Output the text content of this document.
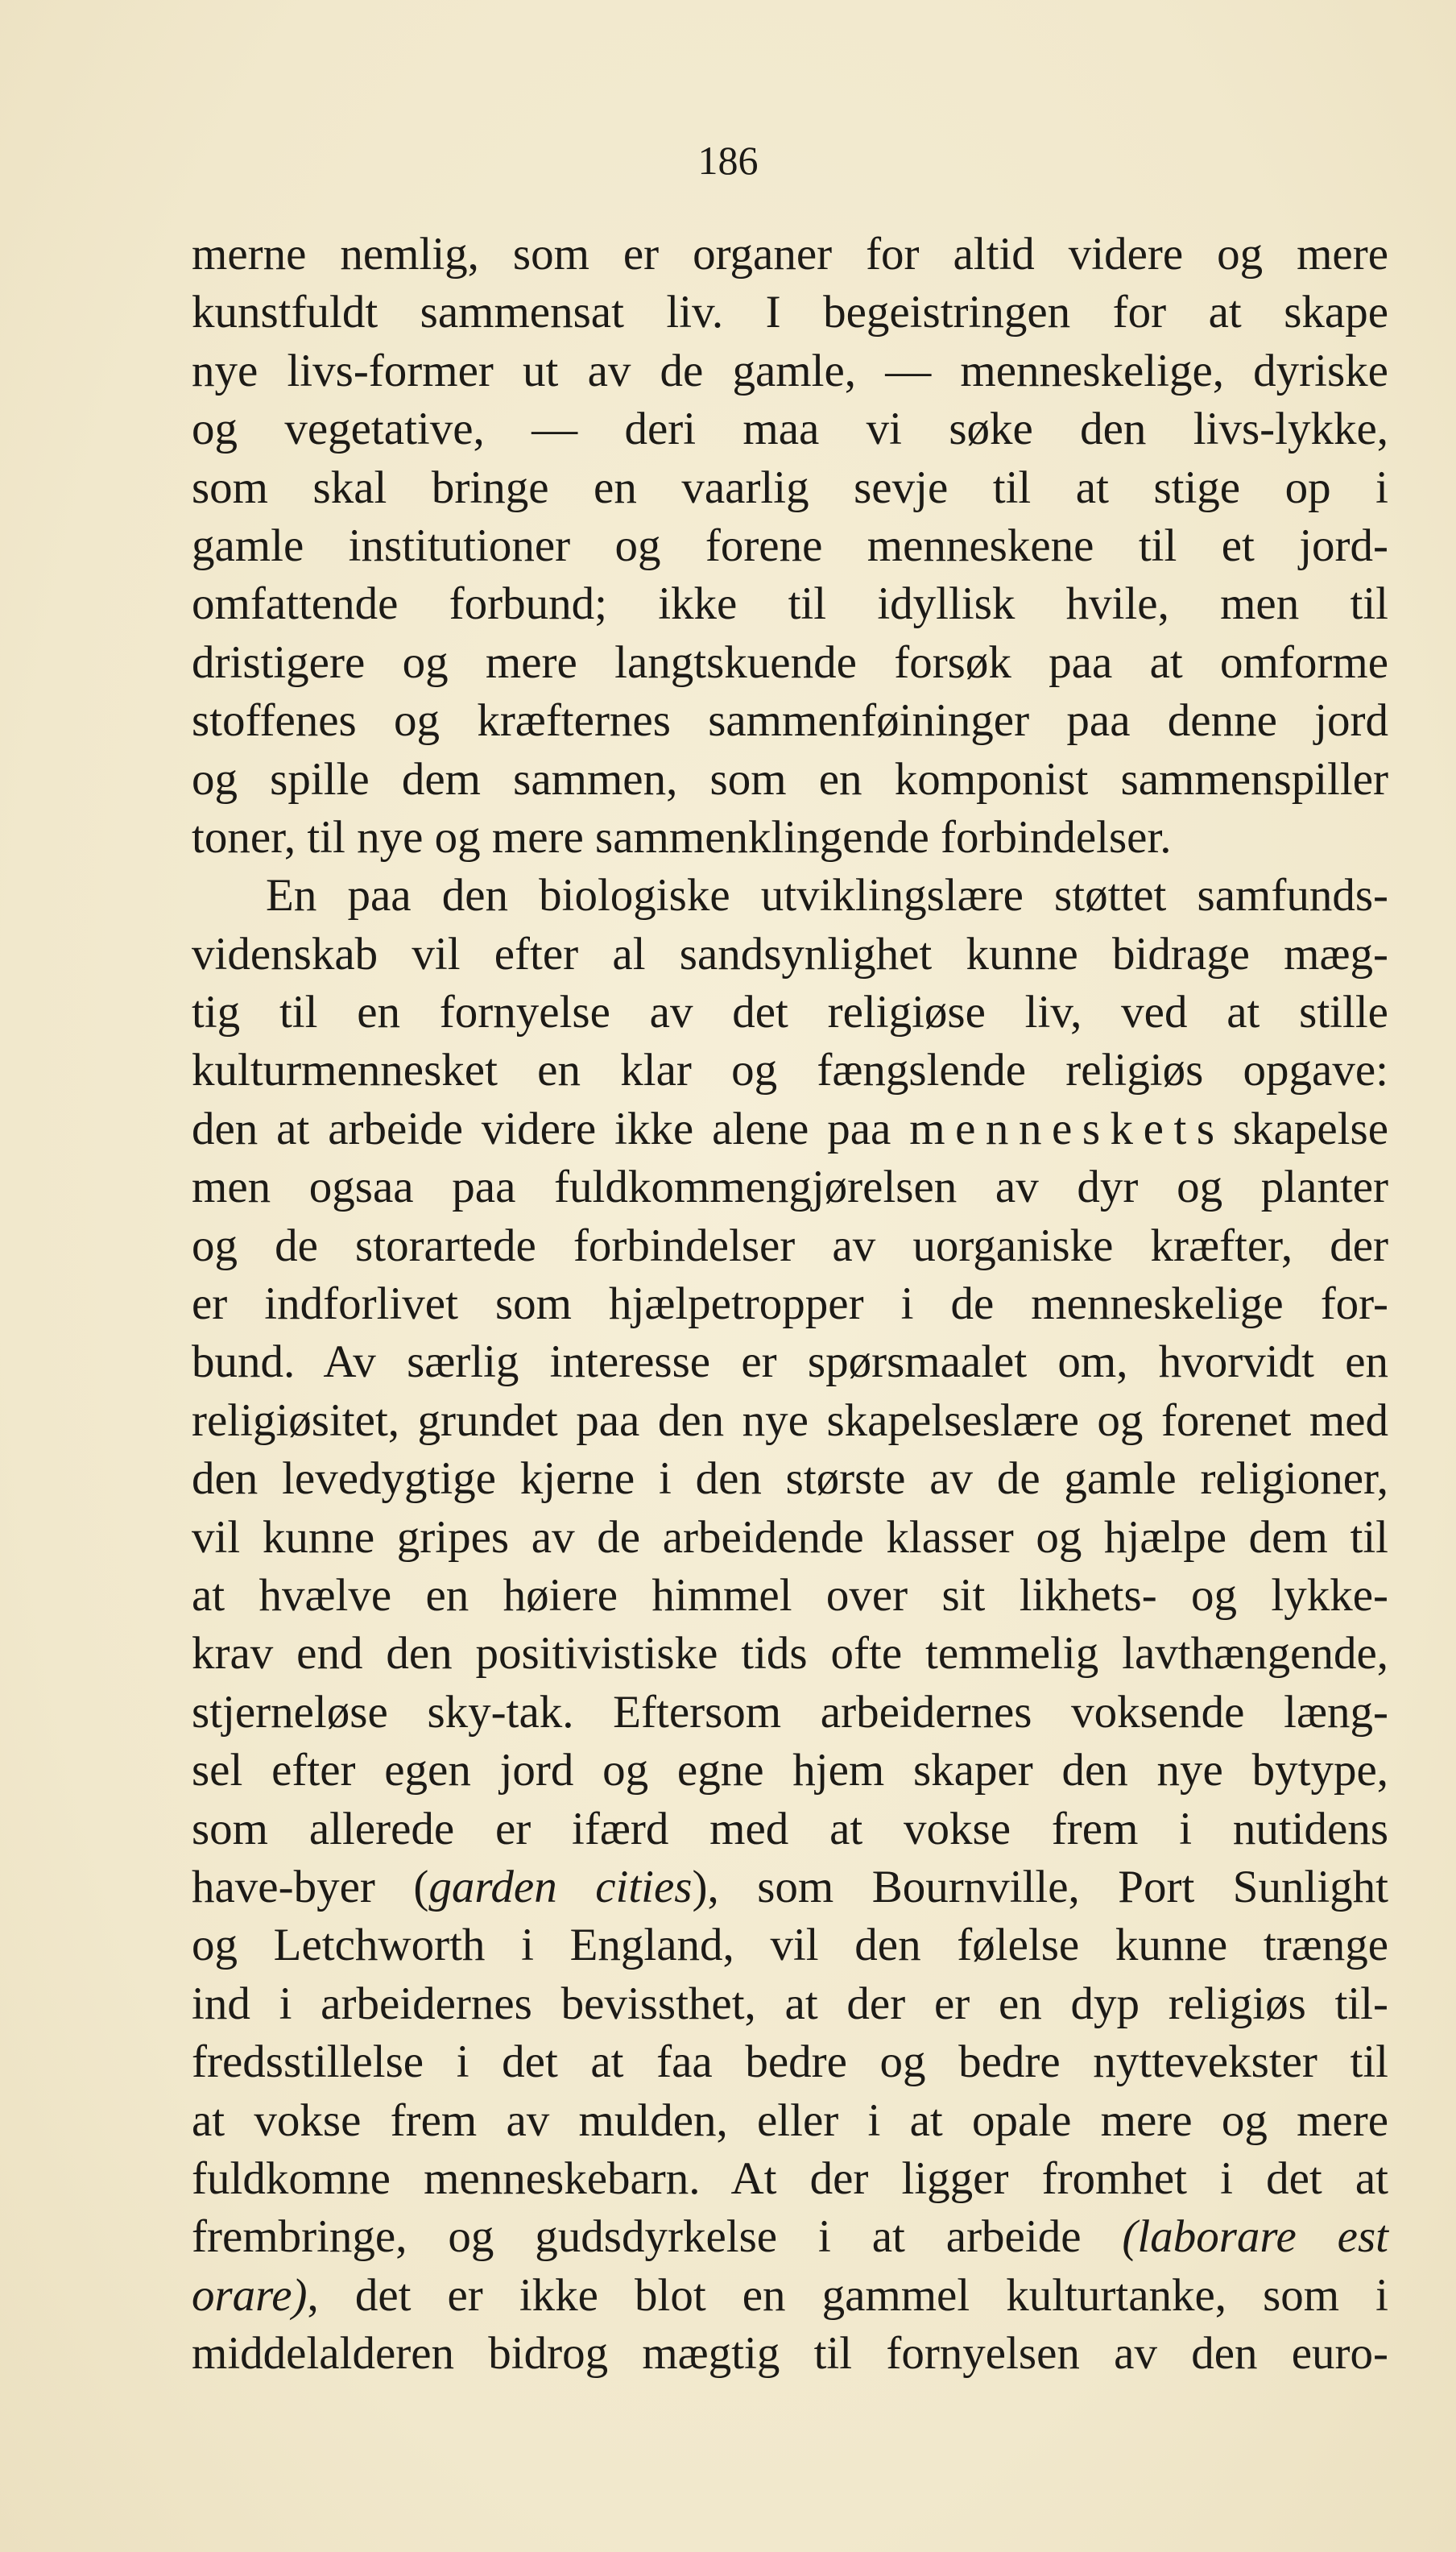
186
merne nemlig, som er organer for altid videre og mere
kunstfuldt sammensat liv. I begeistringen for at skape
nye livs-former ut av de gamle, — menneskelige, dyriske
og vegetative, — deri maa vi søke den livs-lykke,
som skal bringe en vaarlig sevje til at stige op i
gamle institutioner og forene menneskene til et jord-
omfattende forbund; ikke til idyllisk hvile, men til
dristigere og mere langtskuende forsøk paa at omforme
stoffenes og kræfternes sammenføininger paa denne jord
og spille dem sammen, som en komponist sammenspiller
toner, til nye og mere sammenklingende forbindelser.
En paa den biologiske utviklingslære støttet samfunds-
videnskab vil efter al sandsynlighet kunne bidrage mæg-
tig til en fornyelse av det religiøse liv, ved at stille
kulturmennesket en klar og fængslende religiøs opgave:
den at arbeide videre ikke alene paa menneskets skapelse
men ogsaa paa fuldkommengjørelsen av dyr og planter
og de storartede forbindelser av uorganiske kræfter, der
er indforlivet som hjælpetropper i de menneskelige for-
bund. Av særlig interesse er spørsmaalet om, hvorvidt en
religiøsitet, grundet paa den nye skapelseslære og forenet med
den levedygtige kjerne i den største av de gamle religioner,
vil kunne gripes av de arbeidende klasser og hjælpe dem til
at hvælve en høiere himmel over sit likhets- og lykke-
krav end den positivistiske tids ofte temmelig lavthængende,
stjerneløse sky-tak. Eftersom arbeidernes voksende læng-
sel efter egen jord og egne hjem skaper den nye bytype,
som allerede er ifærd med at vokse frem i nutidens
have-byer (garden cities), som Bournville, Port Sunlight
og Letchworth i England, vil den følelse kunne trænge
ind i arbeidernes bevissthet, at der er en dyp religiøs til-
fredsstillelse i det at faa bedre og bedre nyttevekster til
at vokse frem av mulden, eller i at opale mere og mere
fuldkomne menneskebarn. At der ligger fromhet i det at
frembringe, og gudsdyrkelse i at arbeide (laborare est
orare), det er ikke blot en gammel kulturtanke, som i
middelalderen bidrog mægtig til fornyelsen av den euro-
